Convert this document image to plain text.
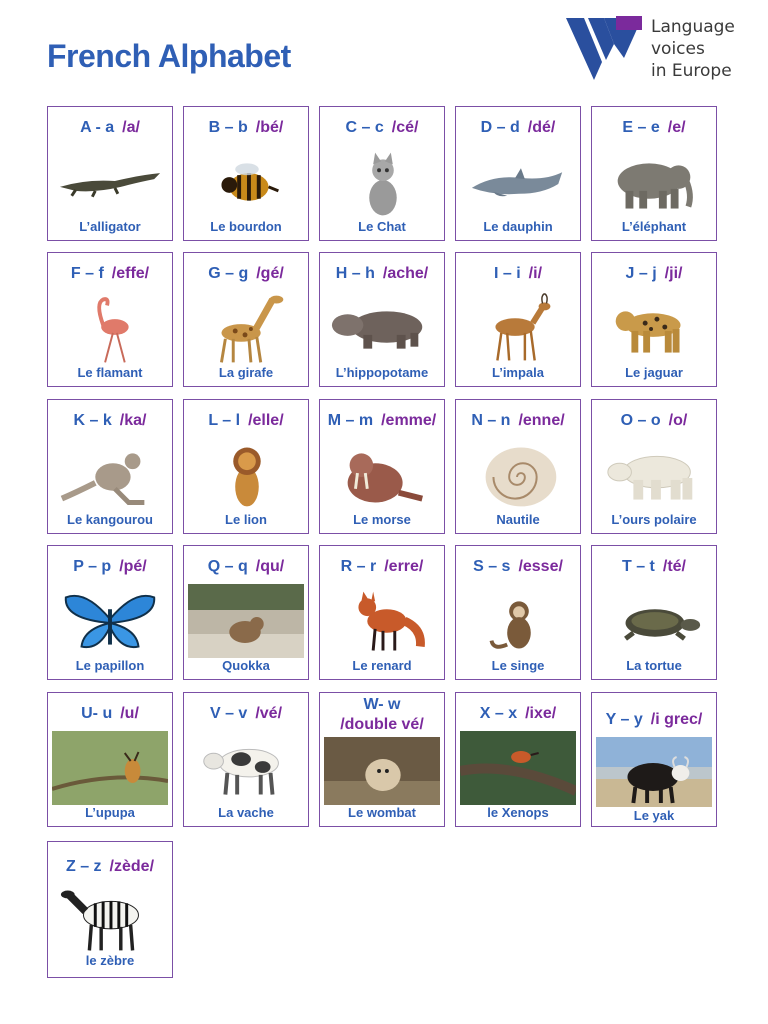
French Alphabet
Language
voices
in Europe
A - a /a/
L’alligator
B – b /bé/
Le bourdon
C – c /cé/
Le Chat
D – d /dé/
Le dauphin
E – e /e/
L’éléphant
F – f /effe/
Le flamant
G – g /gé/
La girafe
H – h /ache/
L’hippopotame
I – i /i/
L’impala
J – j /ji/
Le jaguar
K – k /ka/
Le kangourou
L – l /elle/
Le lion
M – m /emme/
Le morse
N – n /enne/
Nautile
O – o /o/
L’ours polaire
P – p /pé/
Le papillon
Q – q /qu/
Quokka
R – r /erre/
Le renard
S – s /esse/
Le singe
T – t /té/
La tortue
U- u /u/
L’upupa
V – v /vé/
La vache
W- w
/double vé/
Le wombat
X – x /ixe/
le Xenops
Y – y /i grec/
Le yak
Z – z /zède/
le zèbre
